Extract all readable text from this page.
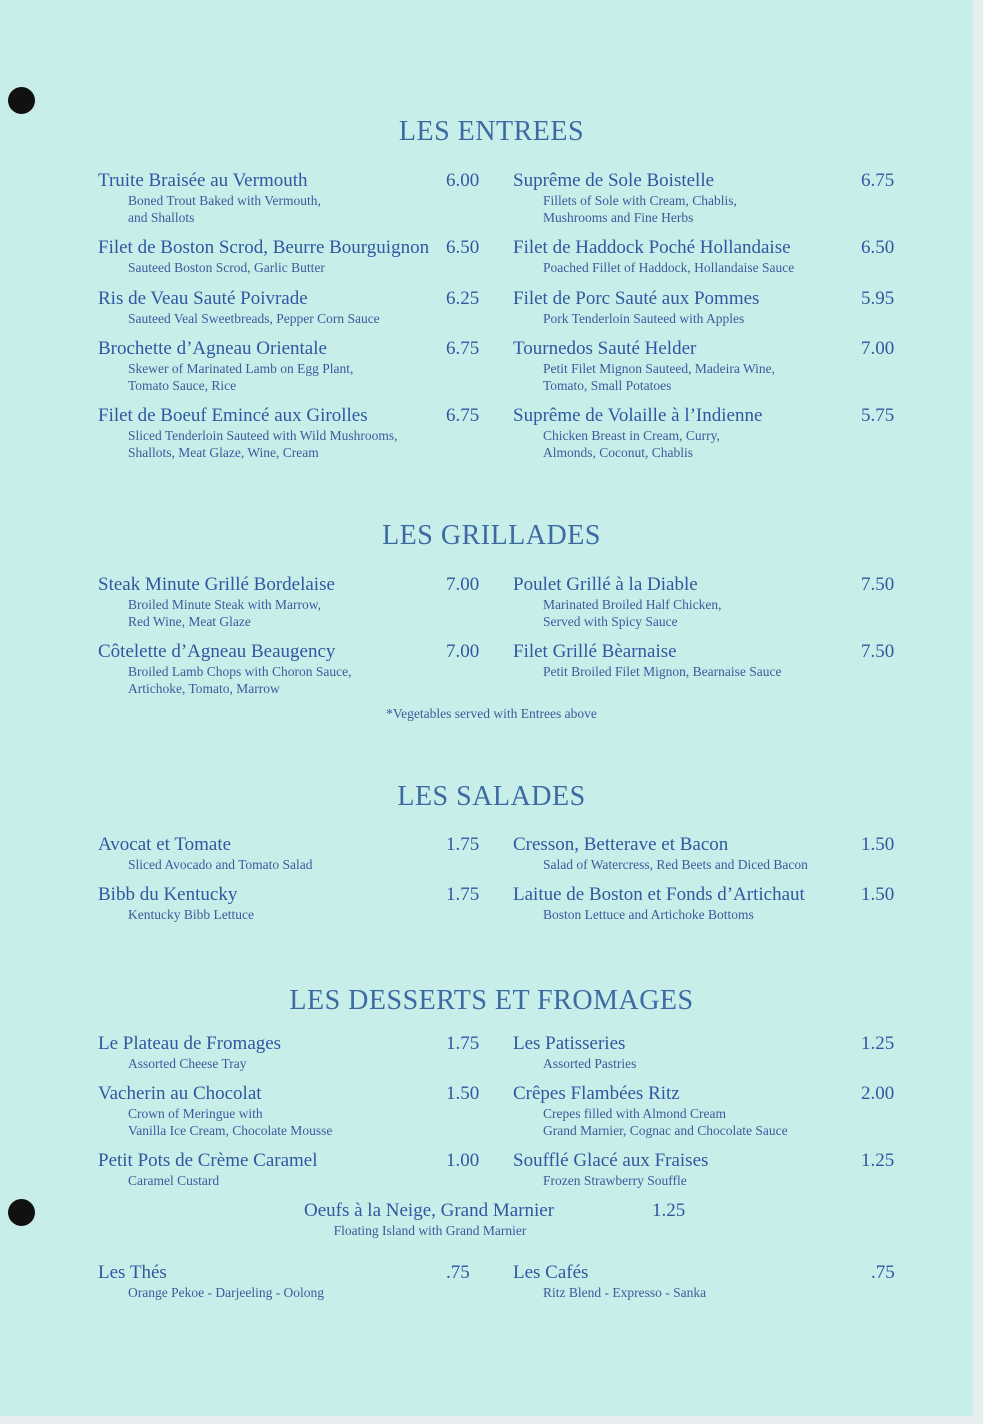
LES ENTREES
LES GRILLADES
*Vegetables served with Entrees above
LES SALADES
LES DESSERTS ET FROMAGES
Truite Braisée au Vermouth	6.00
Boned Trout Baked with Vermouth,
and Shallots
Filet de Boston Scrod, Beurre Bourguignon 6.50
Sauteed Boston Scrod, Garlic Butter
Ris de Veau Sauté Poivrade	6.25
Sauteed Veal Sweetbreads, Pepper Corn Sauce
Brochette d’Agneau Orientale	6.75
Skewer of Marinated Lamb on Egg Plant,
Tomato Sauce, Rice
Filet de Boeuf Emincé aux Girolles	6.75
Sliced Tenderloin Sauteed with Wild Mushrooms,
Shallots, Meat Glaze, Wine, Cream
Suprême de Sole Boistelle	6.75
Fillets of Sole with Cream, Chablis,
Mushrooms and Fine Herbs
Filet de Haddock Poché Hollandaise	6.50
Poached Fillet of Haddock, Hollandaise Sauce
Filet de Porc Sauté aux Pommes	5.95
Pork Tenderloin Sauteed with Apples
Tournedos Sauté Helder	7.00
Petit Filet Mignon Sauteed, Madeira Wine,
Tomato, Small Potatoes
Suprême de Volaille à l’Indienne	5.75
Chicken Breast in Cream, Curry,
Almonds, Coconut, Chablis
Steak Minute Grillé Bordelaise	7.00
Broiled Minute Steak with Marrow,
Red Wine, Meat Glaze
Côtelette d’Agneau Beaugency	7.00
Broiled Lamb Chops with Choron Sauce,
Artichoke, Tomato, Marrow
Poulet Grillé à la Diable	7.50
Marinated Broiled Half Chicken,
Served with Spicy Sauce
Filet Grillé Bèarnaise	7.50
Petit Broiled Filet Mignon, Bearnaise Sauce
Avocat et Tomate	1.75
Sliced Avocado and Tomato Salad
Bibb du Kentucky	1.75
Kentucky Bibb Lettuce
Cresson, Betterave et Bacon	1.50
Salad of Watercress, Red Beets and Diced Bacon
Laitue de Boston et Fonds d’Artichaut	1.50
Boston Lettuce and Artichoke Bottoms
Le Plateau de Fromages	1.75
Assorted Cheese Tray
Vacherin au Chocolat	1.50
Crown of Meringue with
Vanilla Ice Cream, Chocolate Mousse
Petit Pots de Crème Caramel	1.00
Caramel Custard
Les Patisseries	1.25
Assorted Pastries
Crêpes Flambées Ritz	2.00
Crepes filled with Almond Cream
Grand Marnier, Cognac and Chocolate Sauce
Soufflé Glacé aux Fraises	1.25
Frozen Strawberry Souffle
Les Thés	.75
Orange Pekoe - Darjeeling - Oolong
Les Cafés	.75
Ritz Blend - Expresso - Sanka
Oeufs à la Neige, Grand Marnier	1.25
Floating Island with Grand Marnier
